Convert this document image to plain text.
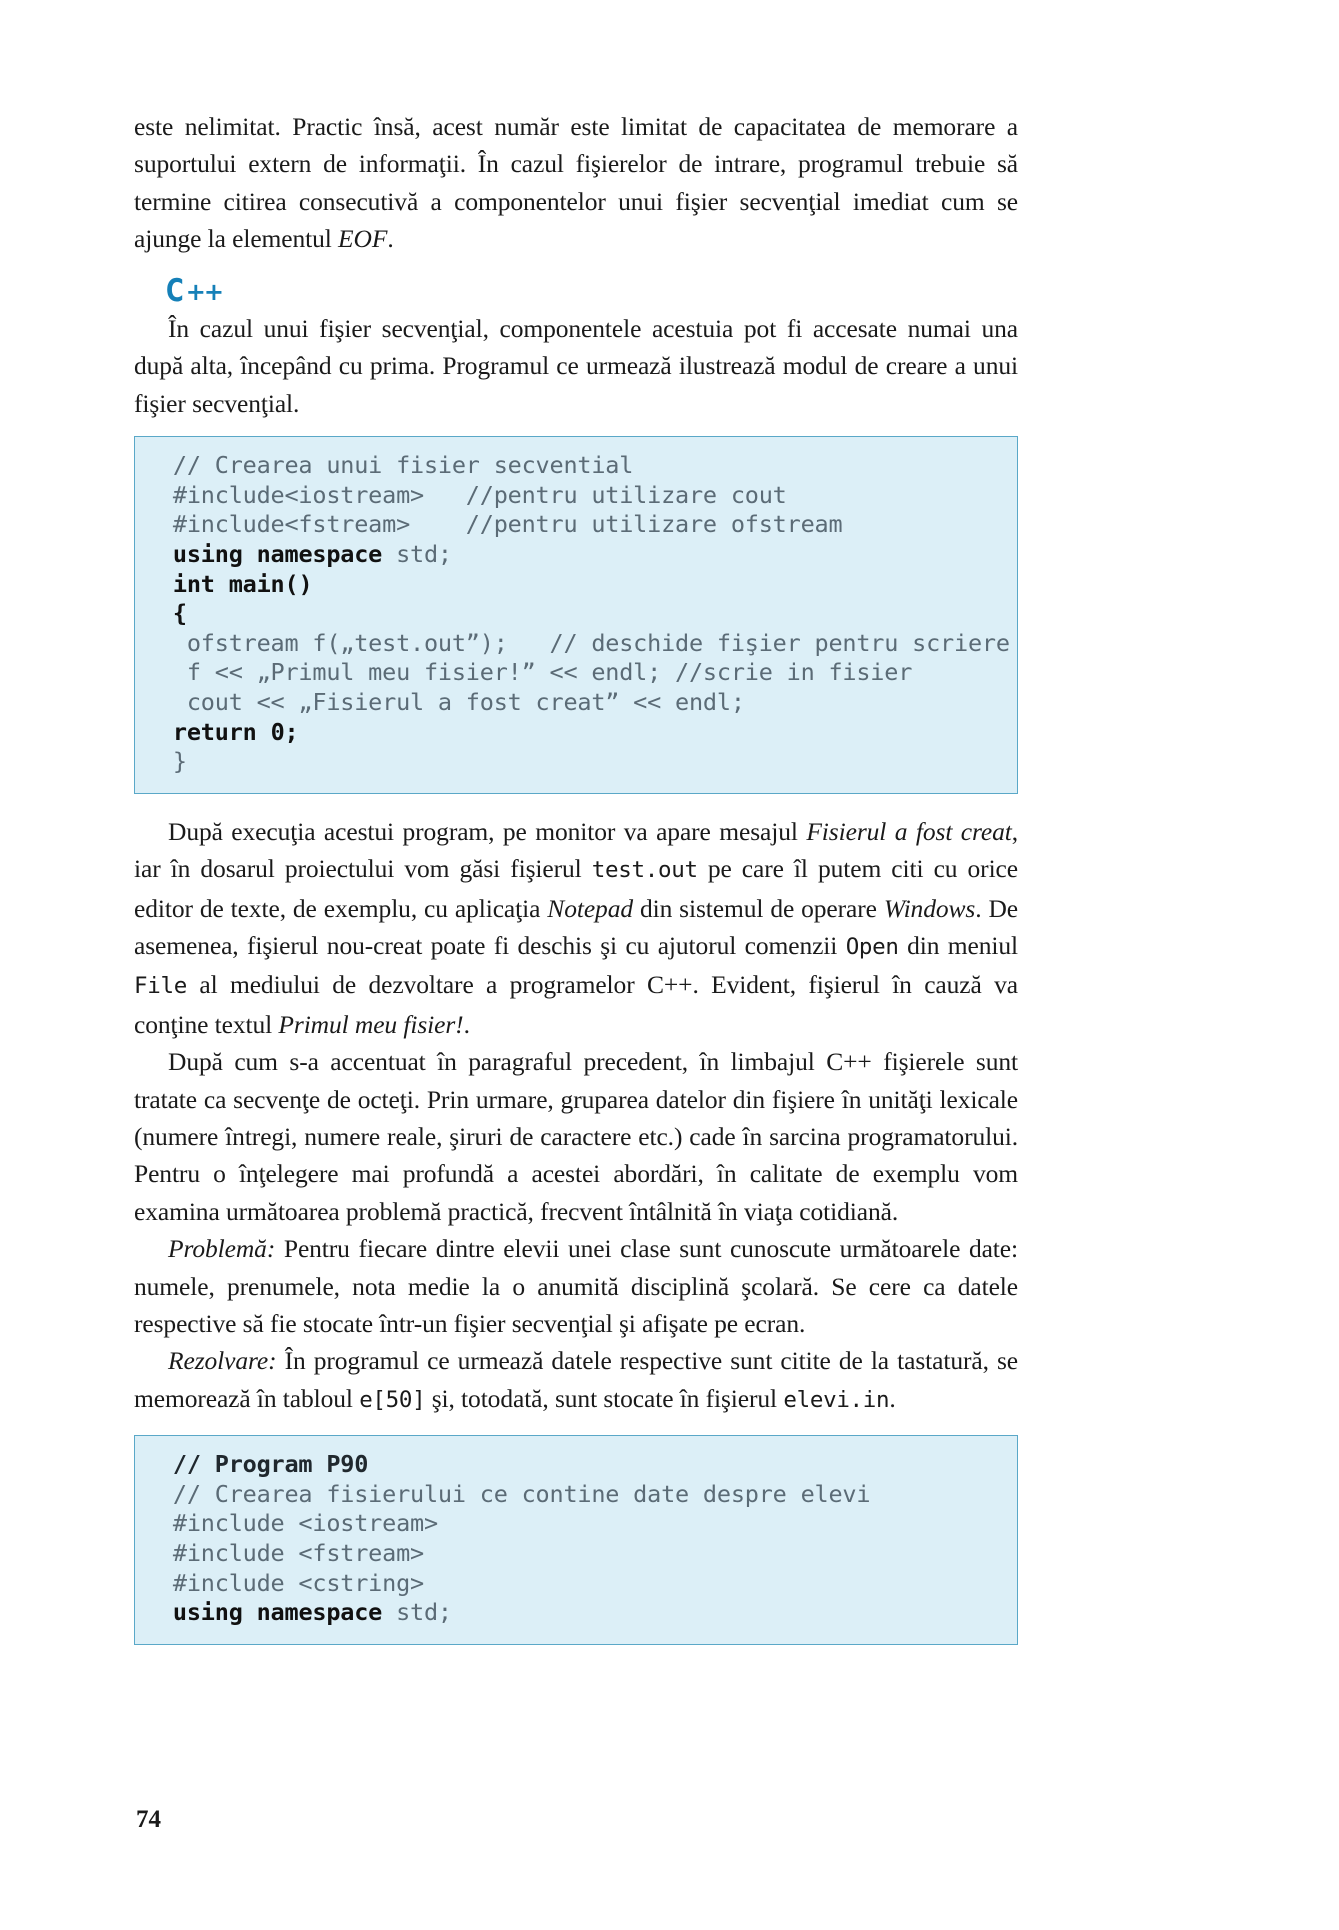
este nelimitat. Practic însă, acest număr este limitat de capacitatea de memorare a suportului extern de informaţii. În cazul fişierelor de intrare, programul trebuie să termine citirea consecutivă a componentelor unui fişier secvenţial imediat cum se ajunge la elementul EOF.

C ++

În cazul unui fişier secvenţial, componentele acestuia pot fi accesate numai una după alta, începând cu prima. Programul ce urmează ilustrează modul de creare a unui fişier secvenţial.

// Crearea unui fisier secvential
#include<iostream>   //pentru utilizare cout
#include<fstream>    //pentru utilizare ofstream
using namespace std;
int main()
{
ofstream f(„test.out”);   // deschide fişier pentru scriere
f << „Primul meu fisier!” << endl; //scrie in fisier
cout << „Fisierul a fost creat” << endl;
return 0;
}

După execuţia acestui program, pe monitor va apare mesajul Fisierul a fost creat, iar în dosarul proiectului vom găsi fişierul test.out pe care îl putem citi cu orice editor de texte, de exemplu, cu aplicaţia Notepad din sistemul de operare Windows. De asemenea, fişierul nou-creat poate fi deschis şi cu ajutorul comenzii Open din meniul File al mediului de dezvoltare a programelor C++. Evident, fişierul în cauză va conţine textul Primul meu fisier!.

După cum s-a accentuat în paragraful precedent, în limbajul C++ fişierele sunt tratate ca secvenţe de octeţi. Prin urmare, gruparea datelor din fişiere în unităţi lexicale (numere întregi, numere reale, şiruri de caractere etc.) cade în sarcina programatorului. Pentru o înţelegere mai profundă a acestei abordări, în calitate de exemplu vom examina următoarea problemă practică, frecvent întâlnită în viaţa cotidiană.

Problemă: Pentru fiecare dintre elevii unei clase sunt cunoscute următoarele date: numele, prenumele, nota medie la o anumită disciplină şcolară. Se cere ca datele respective să fie stocate într-un fişier secvenţial şi afişate pe ecran.

Rezolvare: În programul ce urmează datele respective sunt citite de la tastatură, se memorează în tabloul e[50] şi, totodată, sunt stocate în fişierul elevi.in.

// Program P90
// Crearea fisierului ce contine date despre elevi
#include <iostream>
#include <fstream>
#include <cstring>
using namespace std;
74
